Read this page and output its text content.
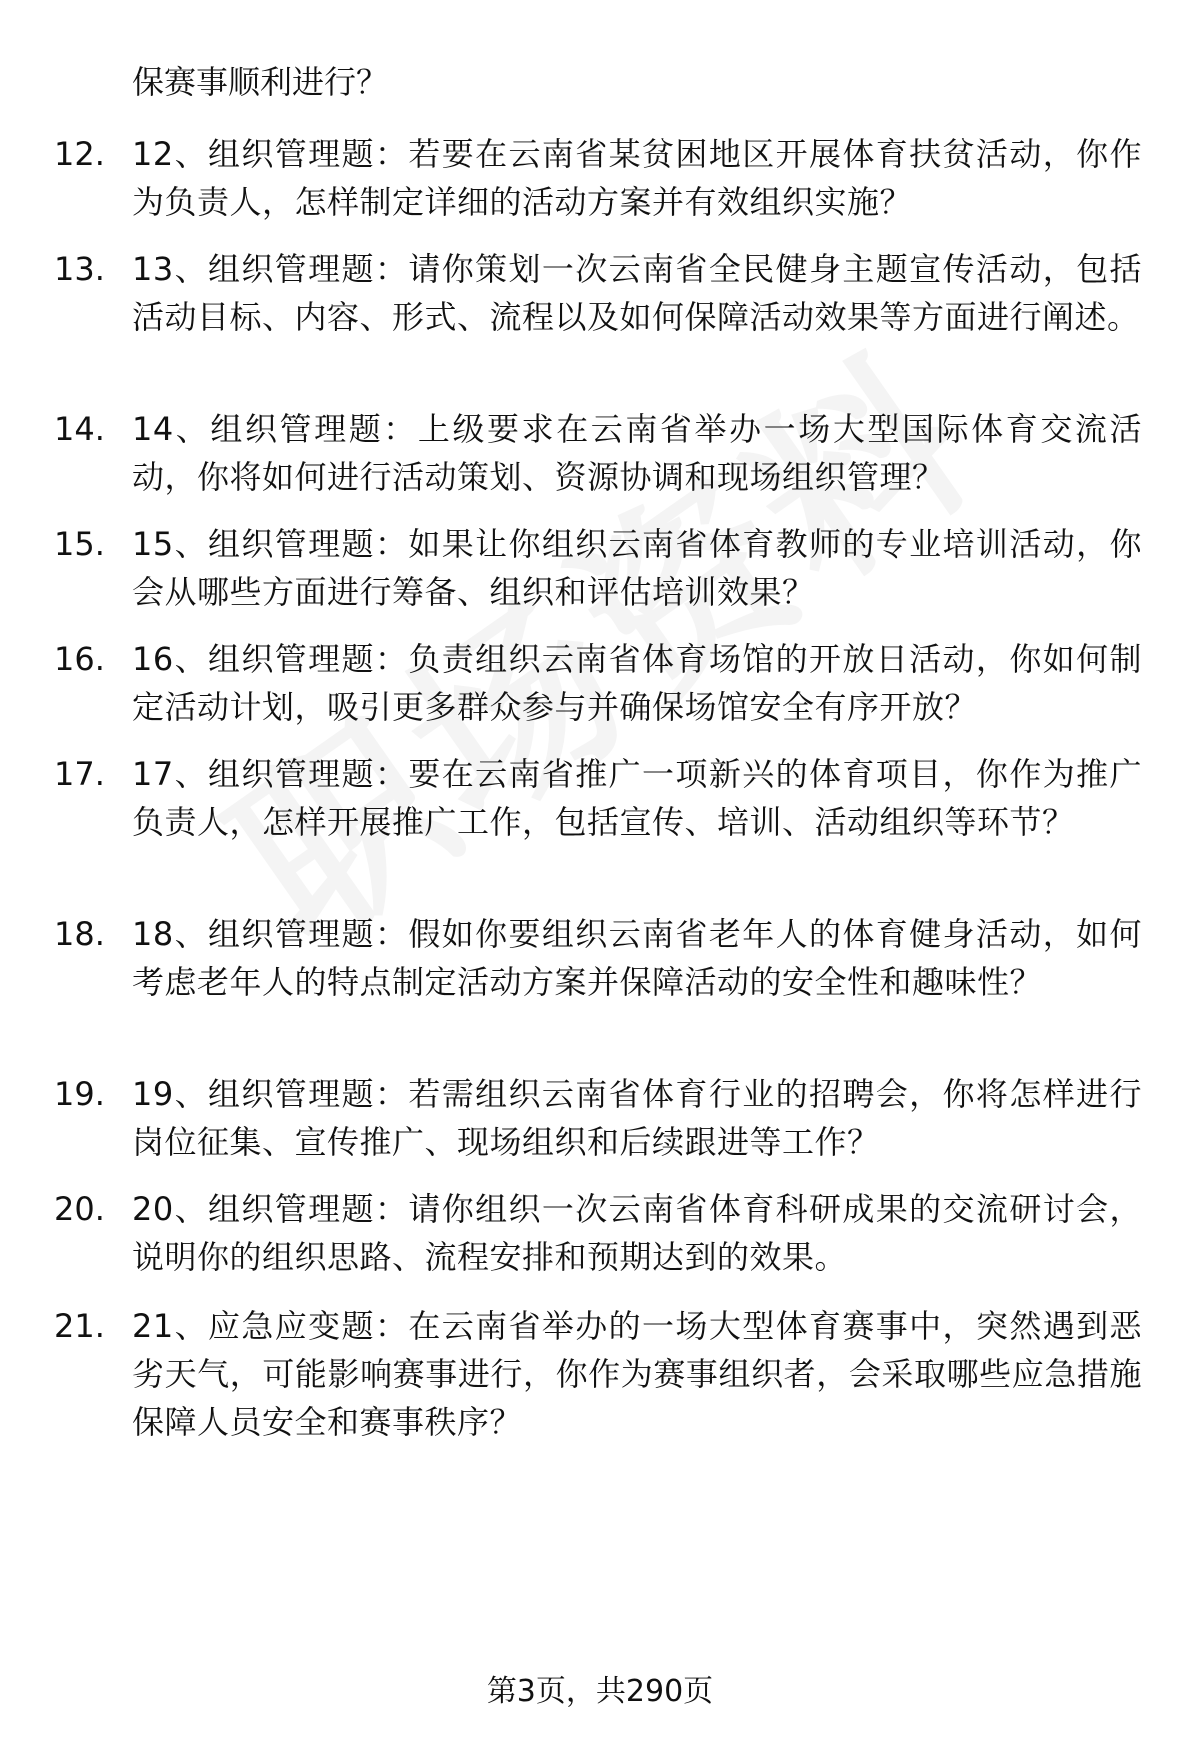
保赛事顺利进行？

12. 12、组织管理题：若要在云南省某贫困地区开展体育扶贫活动，你作为负责人，怎样制定详细的活动方案并有效组织实施？
13. 13、组织管理题：请你策划一次云南省全民健身主题宣传活动，包括活动目标、内容、形式、流程以及如何保障活动效果等方面进行阐述。
14. 14、组织管理题：上级要求在云南省举办一场大型国际体育交流活动，你将如何进行活动策划、资源协调和现场组织管理？
15. 15、组织管理题：如果让你组织云南省体育教师的专业培训活动，你会从哪些方面进行筹备、组织和评估培训效果？
16. 16、组织管理题：负责组织云南省体育场馆的开放日活动，你如何制定活动计划，吸引更多群众参与并确保场馆安全有序开放？
17. 17、组织管理题：要在云南省推广一项新兴的体育项目，你作为推广负责人，怎样开展推广工作，包括宣传、培训、活动组织等环节？
18. 18、组织管理题：假如你要组织云南省老年人的体育健身活动，如何考虑老年人的特点制定活动方案并保障活动的安全性和趣味性？
19. 19、组织管理题：若需组织云南省体育行业的招聘会，你将怎样进行岗位征集、宣传推广、现场组织和后续跟进等工作？
20. 20、组织管理题：请你组织一次云南省体育科研成果的交流研讨会，说明你的组织思路、流程安排和预期达到的效果。
21. 21、应急应变题：在云南省举办的一场大型体育赛事中，突然遇到恶劣天气，可能影响赛事进行，你作为赛事组织者，会采取哪些应急措施保障人员安全和赛事秩序？
第3页，共290页
